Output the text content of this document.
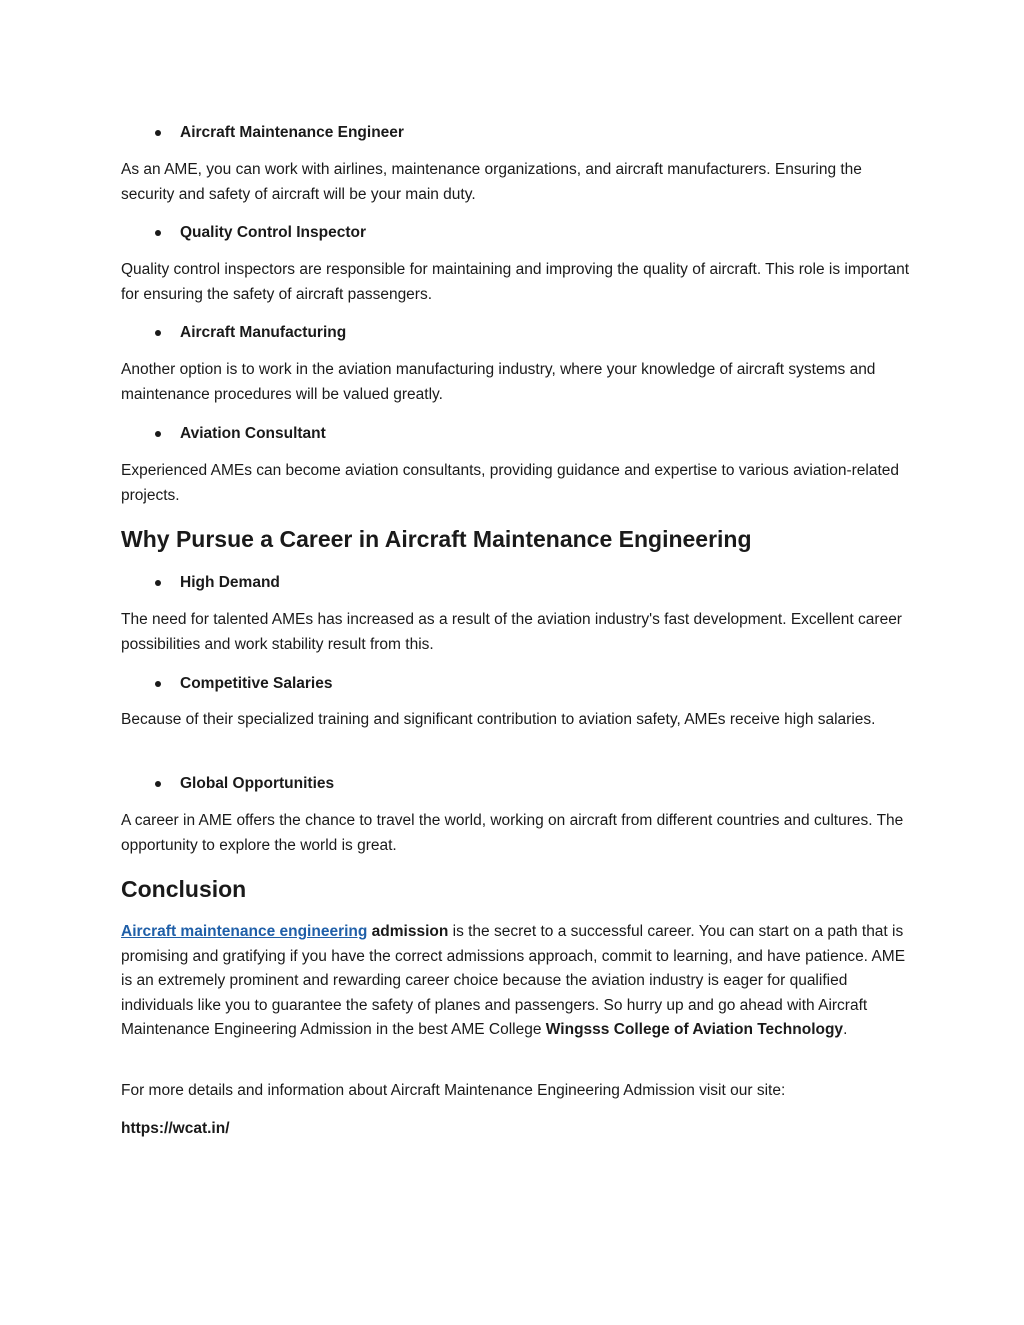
Aircraft Maintenance Engineer
As an AME, you can work with airlines, maintenance organizations, and aircraft manufacturers. Ensuring the security and safety of aircraft will be your main duty.
Quality Control Inspector
Quality control inspectors are responsible for maintaining and improving the quality of aircraft. This role is important for ensuring the safety of aircraft passengers.
Aircraft Manufacturing
Another option is to work in the aviation manufacturing industry, where your knowledge of aircraft systems and maintenance procedures will be valued greatly.
Aviation Consultant
Experienced AMEs can become aviation consultants, providing guidance and expertise to various aviation-related projects.
Why Pursue a Career in Aircraft Maintenance Engineering
High Demand
The need for talented AMEs has increased as a result of the aviation industry's fast development. Excellent career possibilities and work stability result from this.
Competitive Salaries
Because of their specialized training and significant contribution to aviation safety, AMEs receive high salaries.
Global Opportunities
A career in AME offers the chance to travel the world, working on aircraft from different countries and cultures. The opportunity to explore the world is great.
Conclusion
Aircraft maintenance engineering admission is the secret to a successful career. You can start on a path that is promising and gratifying if you have the correct admissions approach, commit to learning, and have patience. AME is an extremely prominent and rewarding career choice because the aviation industry is eager for qualified individuals like you to guarantee the safety of planes and passengers. So hurry up and go ahead with Aircraft Maintenance Engineering Admission in the best AME College Wingsss College of Aviation Technology.
For more details and information about Aircraft Maintenance Engineering Admission visit our site:
https://wcat.in/
